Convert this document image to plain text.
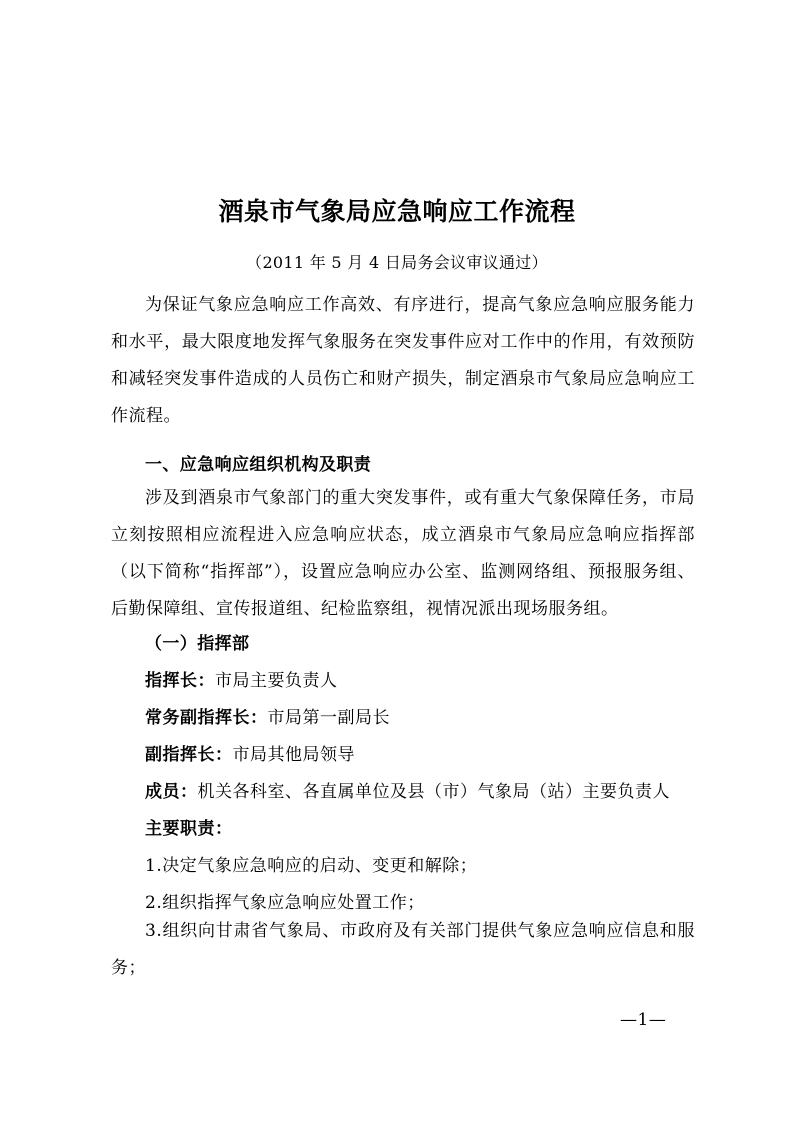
酒泉市气象局应急响应工作流程
（2011 年 5 月 4 日局务会议审议通过）
为保证气象应急响应工作高效、有序进行，提高气象应急响应服务能力和水平，最大限度地发挥气象服务在突发事件应对工作中的作用，有效预防和减轻突发事件造成的人员伤亡和财产损失，制定酒泉市气象局应急响应工作流程。
一、应急响应组织机构及职责
涉及到酒泉市气象部门的重大突发事件，或有重大气象保障任务，市局立刻按照相应流程进入应急响应状态，成立酒泉市气象局应急响应指挥部（以下简称“指挥部”），设置应急响应办公室、监测网络组、预报服务组、后勤保障组、宣传报道组、纪检监察组，视情况派出现场服务组。
（一）指挥部
指挥长：市局主要负责人
常务副指挥长：市局第一副局长
副指挥长：市局其他局领导
成员：机关各科室、各直属单位及县（市）气象局（站）主要负责人
主要职责：
1.决定气象应急响应的启动、变更和解除；
2.组织指挥气象应急响应处置工作；
3.组织向甘肃省气象局、市政府及有关部门提供气象应急响应信息和服务；
—1—
